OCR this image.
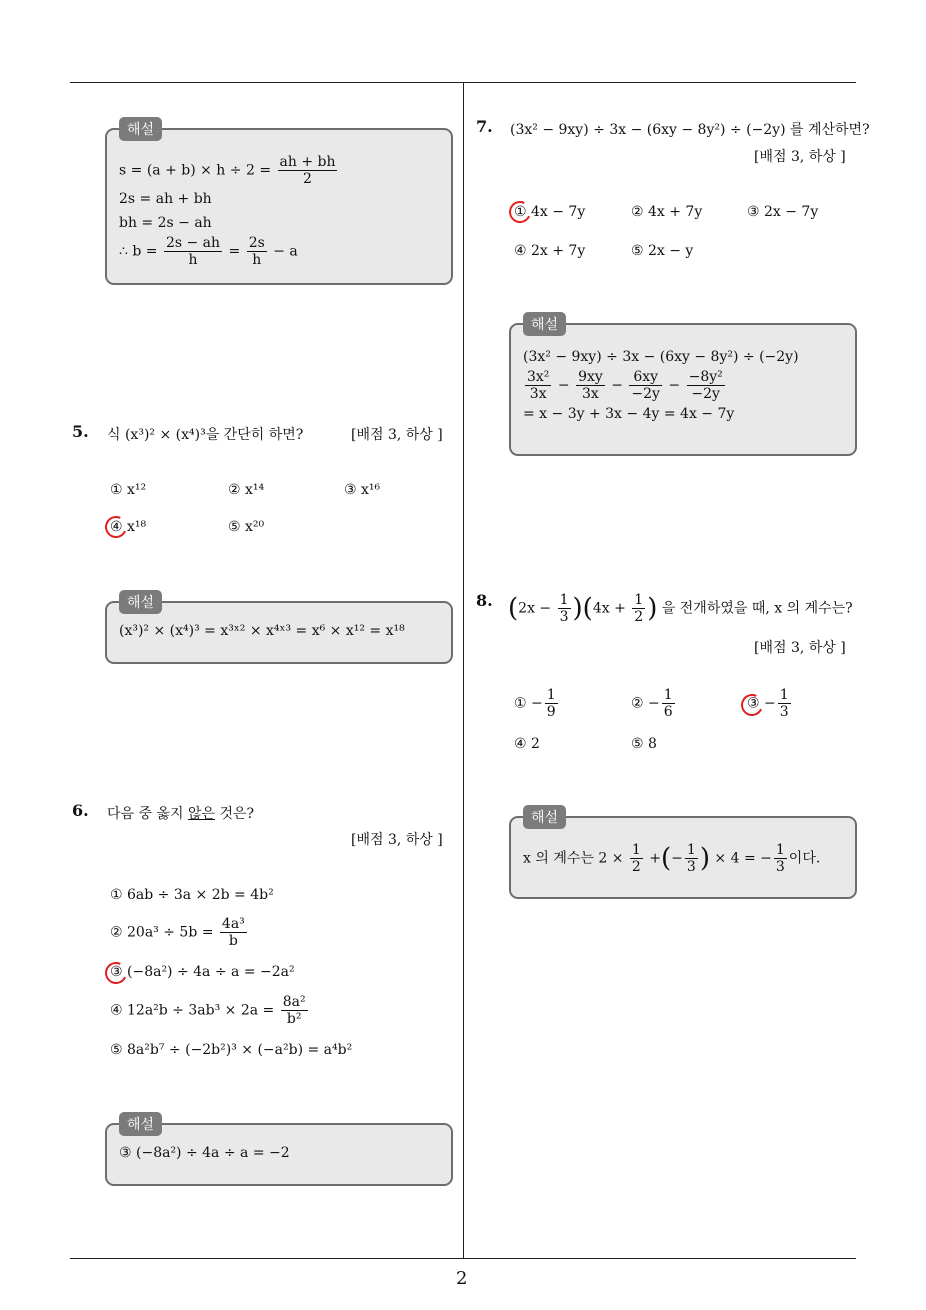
해설
$s = (a + b) \times h \div 2 = \frac{ah + bh}{2}$
2s = ah + bh
bh = 2s − ah
∴ $b = \frac{2s - ah}{h} = \frac{2s}{h} - a$
5. 식 (x³)² × (x⁴)³을 간단히 하면?	[배점 3, 하상 ]
① x¹²	② x¹⁴	③ x¹⁶
④ x¹⁸	⑤ x²⁰
해설
(x³)² × (x⁴)³ = x³ˣ² × x⁴ˣ³ = x⁶ × x¹² = x¹⁸
6. 다음 중 옳지 않은 것은?
[배점 3, 하상 ]
① 6ab ÷ 3a × 2b = 4b²
② $20a^3 \div 5b = \frac{\text{4a³}}{b}$
③ (−8a²) ÷ 4a ÷ a = −2a²
④ $12a^2b \div 3ab^3 \times 2a = \frac{\text{8a²}}{\text{b²}}$
⑤ 8a²b⁷ ÷ (−2b²)³ × (−a²b) = a⁴b²
해설
③ (−8a²) ÷ 4a ÷ a = −2
7. (3x² − 9xy) ÷ 3x − (6xy − 8y²) ÷ (−2y) 를 계산하면?
[배점 3, 하상 ]
① 4x − 7y	② 4x + 7y	③ 2x − 7y
④ 2x + 7y	⑤ 2x − y
해설
(3x² − 9xy) ÷ 3x − (6xy − 8y²) ÷ (−2y)
$\frac{\text{3x²}}{3x} - \frac{9xy}{3x} - \frac{6xy}{-2y} - \frac{\text{−8y²}}{-2y}$
= x − 3y + 3x − 4y = 4x − 7y
8. $(2x - \frac{1}{3} )(4x + \frac{1}{2}$ ) 을 전개하였을 때, x 의 계수는?
[배점 3, 하상 ]
① − $\frac{1}{9}$	② − $\frac{1}{6}$	③ − $\frac{1}{3}$
④ 2	⑤ 8
해설
x 의 계수는 $2 \times \frac{1}{2}$ +(− $\frac{1}{3}$ ) × 4 = − $\frac{1}{3}$ 이다.
2
